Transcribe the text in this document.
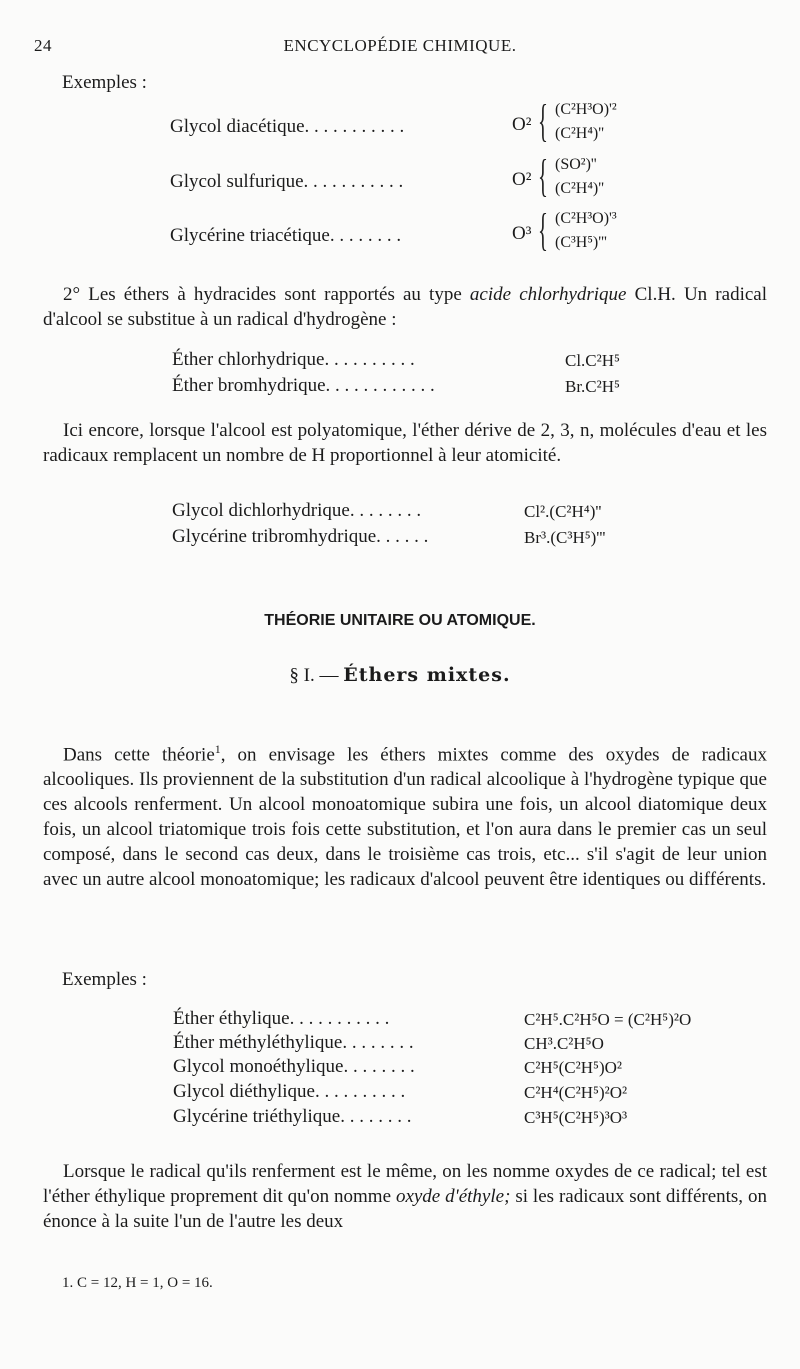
24	ENCYCLOPÉDIE CHIMIQUE.
Exemples :
Glycol diacétique. . . . . . . . . . .	O² { (C²H³O)'²
(C²H⁴)''
Glycol sulfurique. . . . . . . . . . .	O² { (SO²)''
(C²H⁴)''
Glycérine triacétique. . . . . . . .	O³ { (C²H³O)'³
(C³H⁵)'''
2° Les éthers à hydracides sont rapportés au type acide chlorhydrique Cl.H. Un radical d'alcool se substitue à un radical d'hydrogène :
Éther chlorhydrique. . . . . . . . . .	Cl.C²H⁵
Éther bromhydrique. . . . . . . . . . . .	Br.C²H⁵
Ici encore, lorsque l'alcool est polyatomique, l'éther dérive de 2, 3, n, molécules d'eau et les radicaux remplacent un nombre de H proportionnel à leur atomicité.
Glycol dichlorhydrique. . . . . . . .	Cl².(C²H⁴)''
Glycérine tribromhydrique. . . . . .	Br³.(C³H⁵)'''
THÉORIE UNITAIRE OU ATOMIQUE.
§ I. — Éthers mixtes.
Dans cette théorie$^1$, on envisage les éthers mixtes comme des oxydes de radicaux alcooliques. Ils proviennent de la substitution d'un radical alcoolique à l'hydrogène typique que ces alcools renferment. Un alcool monoatomique subira une fois, un alcool diatomique deux fois, un alcool triatomique trois fois cette substitution, et l'on aura dans le premier cas un seul composé, dans le second cas deux, dans le troisième cas trois, etc... s'il s'agit de leur union avec un autre alcool monoatomique; les radicaux d'alcool peuvent être identiques ou différents.
Exemples :
Éther éthylique. . . . . . . . . . .	C²H⁵.C²H⁵O = (C²H⁵)²O
Éther méthyléthylique. . . . . . . .	CH³.C²H⁵O
Glycol monoéthylique. . . . . . . .	C²H⁵(C²H⁵)O²
Glycol diéthylique. . . . . . . . . .	C²H⁴(C²H⁵)²O²
Glycérine triéthylique. . . . . . . .	C³H⁵(C²H⁵)³O³
Lorsque le radical qu'ils renferment est le même, on les nomme oxydes de ce radical; tel est l'éther éthylique proprement dit qu'on nomme oxyde d'éthyle; si les radicaux sont différents, on énonce à la suite l'un de l'autre les deux
1. C = 12, H = 1, O = 16.
